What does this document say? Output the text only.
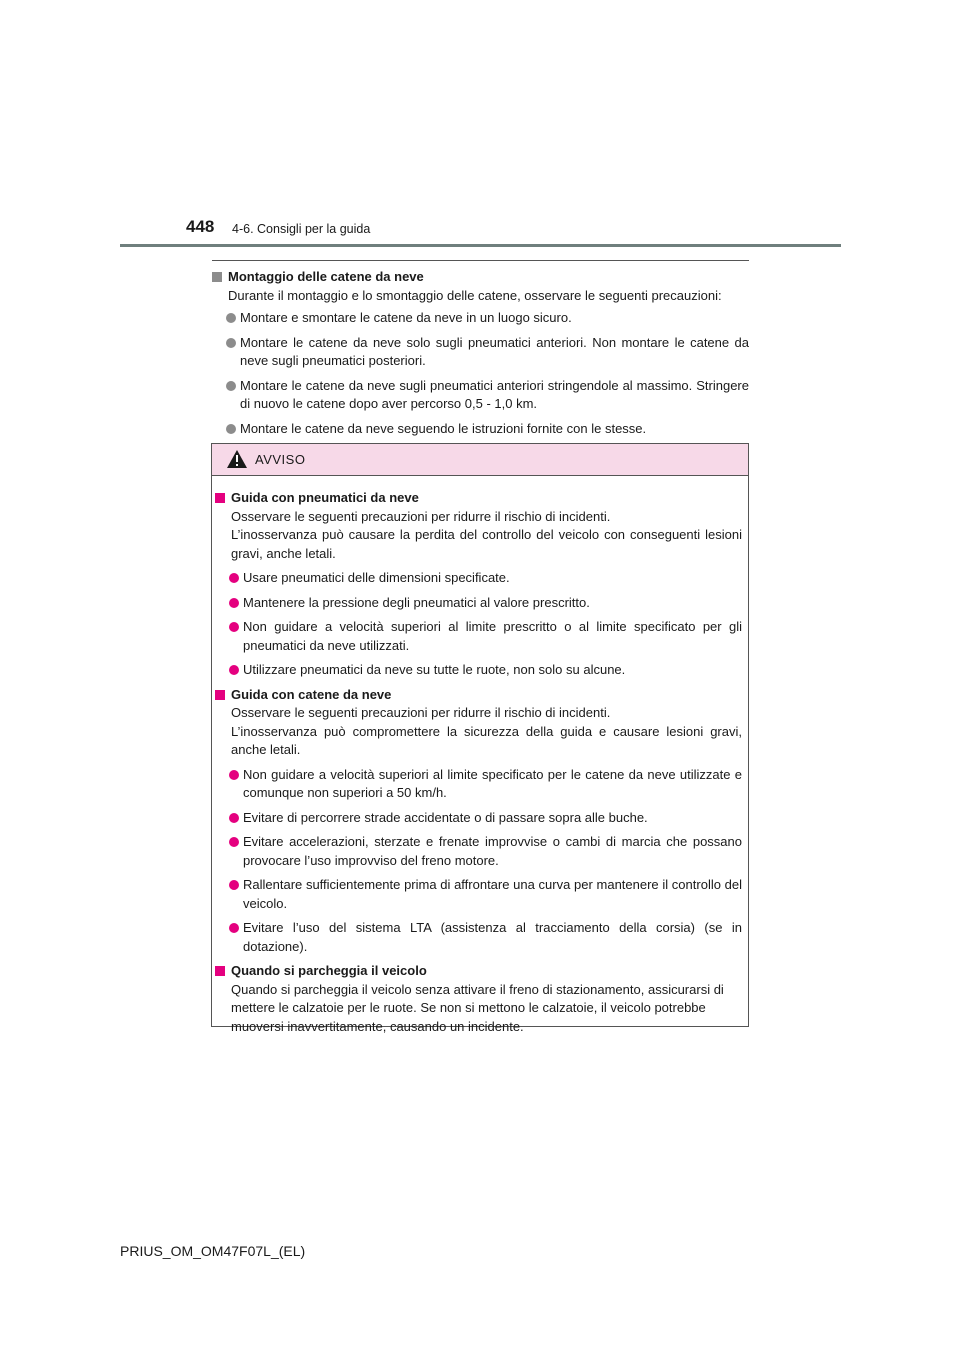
448 4-6. Consigli per la guida

Montaggio delle catene da neve

Durante il montaggio e lo smontaggio delle catene, osservare le seguenti precauzioni:

Montare e smontare le catene da neve in un luogo sicuro.
Montare le catene da neve solo sugli pneumatici anteriori. Non montare le catene da neve sugli pneumatici posteriori.
Montare le catene da neve sugli pneumatici anteriori stringendole al massimo. Stringere di nuovo le catene dopo aver percorso 0,5 - 1,0 km.
Montare le catene da neve seguendo le istruzioni fornite con le stesse.
AVVISO

Guida con pneumatici da neve

Osservare le seguenti precauzioni per ridurre il rischio di incidenti.

L’inosservanza può causare la perdita del controllo del veicolo con conseguenti lesioni gravi, anche letali.

Usare pneumatici delle dimensioni specificate.
Mantenere la pressione degli pneumatici al valore prescritto.
Non guidare a velocità superiori al limite prescritto o al limite specificato per gli pneumatici da neve utilizzati.
Utilizzare pneumatici da neve su tutte le ruote, non solo su alcune.

Guida con catene da neve

Osservare le seguenti precauzioni per ridurre il rischio di incidenti.

L’inosservanza può compromettere la sicurezza della guida e causare lesioni gravi, anche letali.

Non guidare a velocità superiori al limite specificato per le catene da neve utilizzate e comunque non superiori a 50 km/h.
Evitare di percorrere strade accidentate o di passare sopra alle buche.
Evitare accelerazioni, sterzate e frenate improvvise o cambi di marcia che possano provocare l’uso improvviso del freno motore.
Rallentare sufficientemente prima di affrontare una curva per mantenere il controllo del veicolo.
Evitare l’uso del sistema LTA (assistenza al tracciamento della corsia) (se in dotazione).

Quando si parcheggia il veicolo

Quando si parcheggia il veicolo senza attivare il freno di stazionamento, assicurarsi di mettere le calzatoie per le ruote. Se non si mettono le calzatoie, il veicolo potrebbe muoversi inavvertitamente, causando un incidente.

PRIUS_OM_OM47F07L_(EL)
